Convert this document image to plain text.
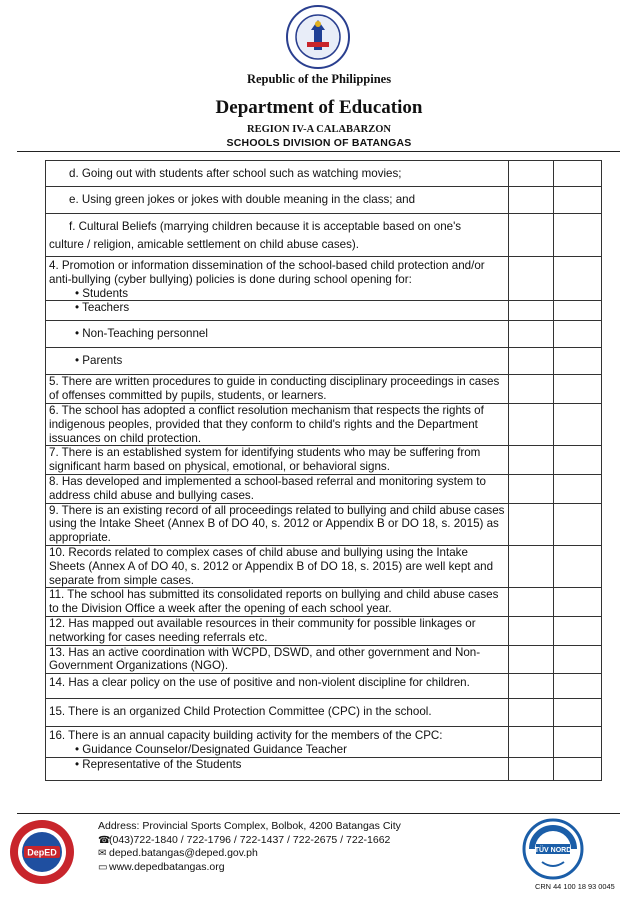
Republic of the Philippines
Department of Education
REGION IV-A CALABARZON
SCHOOLS DIVISION OF BATANGAS
d. Going out with students after school such as watching movies;		

e. Using green jokes or jokes with double meaning in the class; and		

f. Cultural Beliefs (marrying children because it is acceptable based on one's
culture / religion, amicable settlement on child abuse cases).		
4. Promotion or information dissemination of the school-based child protection and/or anti-bullying (cyber bullying) policies is done during school opening for:
• Students		

• Teachers		

• Non-Teaching personnel		

• Parents		

5. There are written procedures to guide in conducting disciplinary proceedings in cases of offenses committed by pupils, students, or learners.		
6. The school has adopted a conflict resolution mechanism that respects the rights of indigenous peoples, provided that they conform to child's rights and the Department issuances on child protection.		
7. There is an established system for identifying students who may be suffering from significant harm based on physical, emotional, or behavioral signs.		
8. Has developed and implemented a school-based referral and monitoring system to address child abuse and bullying cases.		
9. There is an existing record of all proceedings related to bullying and child abuse cases using the Intake Sheet (Annex B of DO 40, s. 2012 or Appendix B or DO 18, s. 2015) as appropriate.		
10. Records related to complex cases of child abuse and bullying using the Intake Sheets (Annex A of DO 40, s. 2012 or Appendix B of DO 18, s. 2015) are well kept and separate from simple cases.		
11. The school has submitted its consolidated reports on bullying and child abuse cases to the Division Office a week after the opening of each school year.		
12. Has mapped out available resources in their community for possible linkages or networking for cases needing referrals etc.		
13. Has an active coordination with WCPD, DSWD, and other government and Non-Government Organizations (NGO).		
14. Has a clear policy on the use of positive and non-violent discipline for children.		
15. There is an organized Child Protection Committee (CPC) in the school.		
16. There is an annual capacity building activity for the members of the CPC:
• Guidance Counselor/Designated Guidance Teacher		

• Representative of the Students		

DepED
Address: Provincial Sports Complex, Bolbok, 4200 Batangas City
☎(043)722-1840 / 722-1796 / 722-1437 / 722-2675 / 722-1662
✉ deped.batangas@deped.gov.ph
▭ www.depedbatangas.org
TÜV NORD
CRN 44 100 18 93 0045
